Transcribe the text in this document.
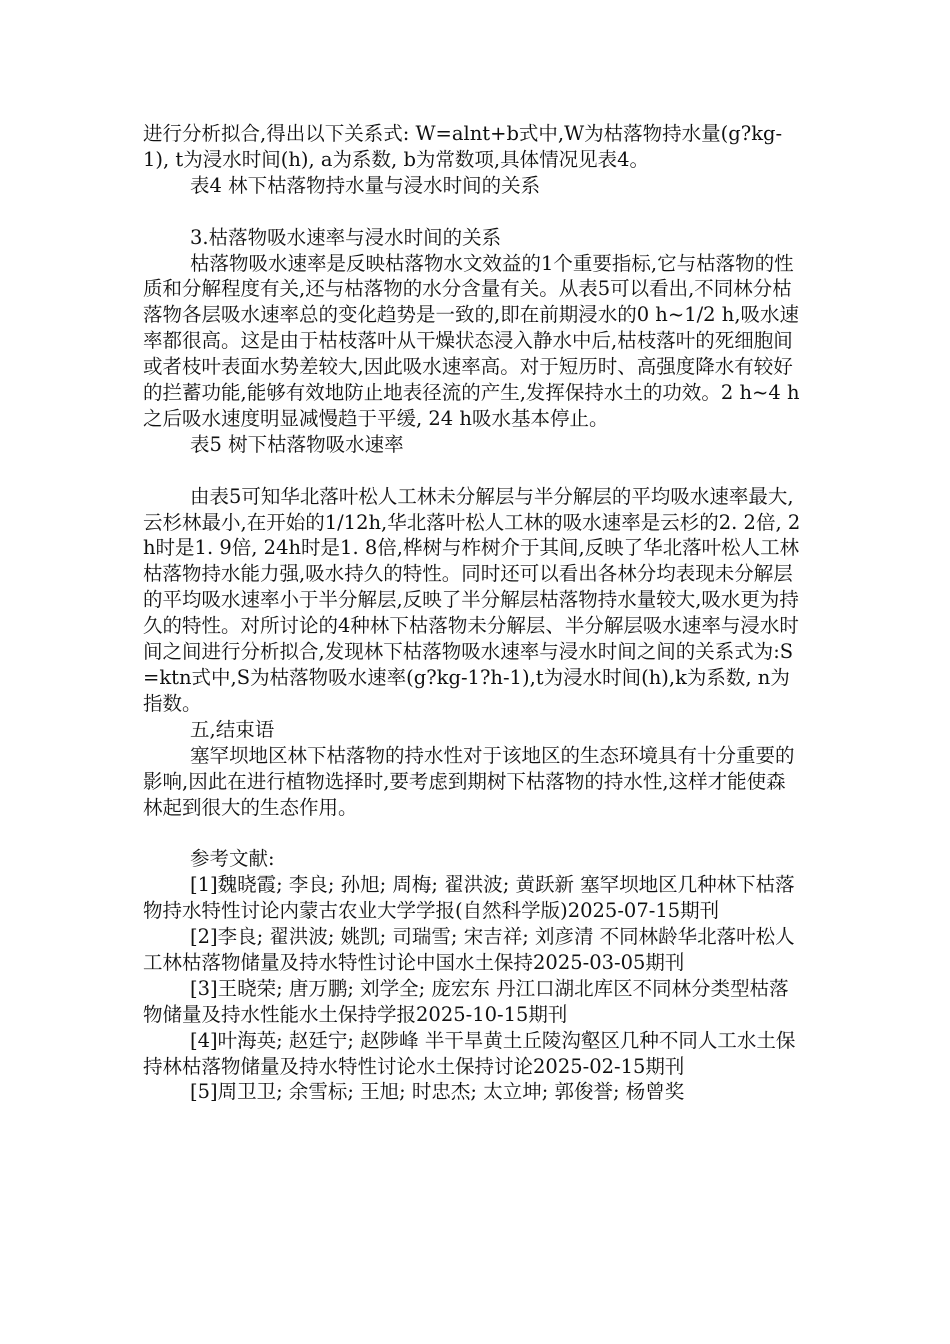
进行分析拟合,得出以下关系式: W=alnt+b式中,W为枯落物持水量(g?kg-1), t为浸水时间(h), a为系数, b为常数项,具体情况见表4。

表4 林下枯落物持水量与浸水时间的关系

3.枯落物吸水速率与浸水时间的关系

枯落物吸水速率是反映枯落物水文效益的1个重要指标,它与枯落物的性质和分解程度有关,还与枯落物的水分含量有关。从表5可以看出,不同林分枯落物各层吸水速率总的变化趋势是一致的,即在前期浸水的0 h~1/2 h,吸水速率都很高。这是由于枯枝落叶从干燥状态浸入静水中后,枯枝落叶的死细胞间或者枝叶表面水势差较大,因此吸水速率高。对于短历时、高强度降水有较好的拦蓄功能,能够有效地防止地表径流的产生,发挥保持水土的功效。2 h~4 h之后吸水速度明显减慢趋于平缓, 24 h吸水基本停止。

表5 树下枯落物吸水速率

由表5可知华北落叶松人工林未分解层与半分解层的平均吸水速率最大,云杉林最小,在开始的1/12h,华北落叶松人工林的吸水速率是云杉的2. 2倍, 2h时是1. 9倍, 24h时是1. 8倍,桦树与柞树介于其间,反映了华北落叶松人工林枯落物持水能力强,吸水持久的特性。同时还可以看出各林分均表现未分解层的平均吸水速率小于半分解层,反映了半分解层枯落物持水量较大,吸水更为持久的特性。对所讨论的4种林下枯落物未分解层、半分解层吸水速率与浸水时间之间进行分析拟合,发现林下枯落物吸水速率与浸水时间之间的关系式为:S=ktn式中,S为枯落物吸水速率(g?kg-1?h-1),t为浸水时间(h),k为系数, n为指数。

五,结束语

塞罕坝地区林下枯落物的持水性对于该地区的生态环境具有十分重要的影响,因此在进行植物选择时,要考虑到期树下枯落物的持水性,这样才能使森林起到很大的生态作用。

参考文献:

[1]魏晓霞; 李良; 孙旭; 周梅; 翟洪波; 黄跃新 塞罕坝地区几种林下枯落物持水特性讨论内蒙古农业大学学报(自然科学版)2025-07-15期刊

[2]李良; 翟洪波; 姚凯; 司瑞雪; 宋吉祥; 刘彦清 不同林龄华北落叶松人工林枯落物储量及持水特性讨论中国水土保持2025-03-05期刊

[3]王晓荣; 唐万鹏; 刘学全; 庞宏东 丹江口湖北库区不同林分类型枯落物储量及持水性能水土保持学报2025-10-15期刊

[4]叶海英; 赵廷宁; 赵陟峰 半干旱黄土丘陵沟壑区几种不同人工水土保持林枯落物储量及持水特性讨论水土保持讨论2025-02-15期刊

[5]周卫卫; 余雪标; 王旭; 时忠杰; 太立坤; 郭俊誉; 杨曾奖
